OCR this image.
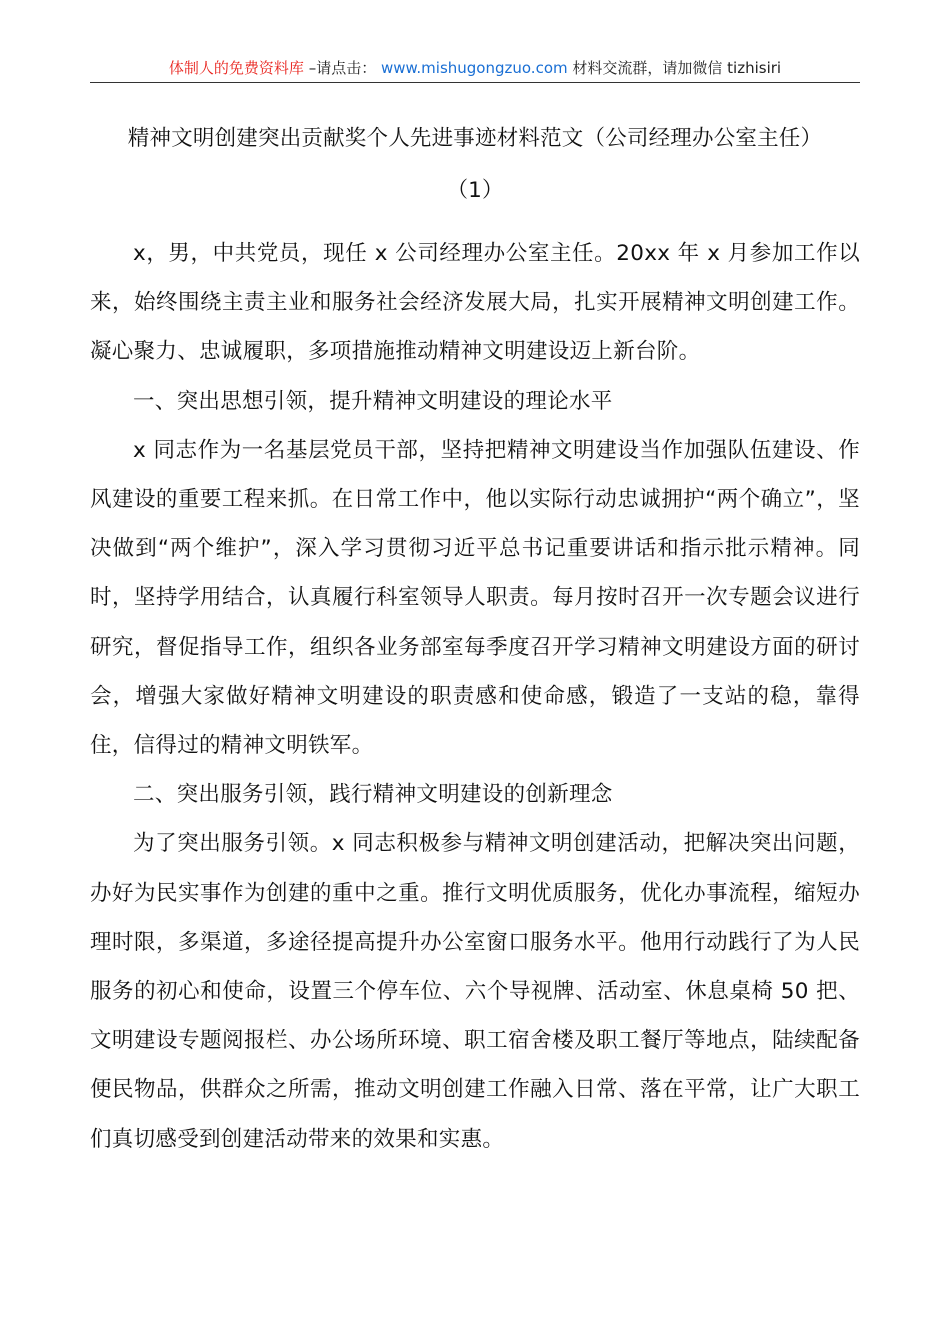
体制人的免费资料库 –请点击： www.mishugongzuo.com 材料交流群，请加微信 tizhisiri
精神文明创建突出贡献奖个人先进事迹材料范文（公司经理办公室主任）
（1）

x，男，中共党员，现任 x 公司经理办公室主任。20xx 年 x 月参加工作以来，始终围绕主责主业和服务社会经济发展大局，扎实开展精神文明创建工作。凝心聚力、忠诚履职，多项措施推动精神文明建设迈上新台阶。

一、突出思想引领，提升精神文明建设的理论水平

x 同志作为一名基层党员干部，坚持把精神文明建设当作加强队伍建设、作风建设的重要工程来抓。在日常工作中，他以实际行动忠诚拥护“两个确立”，坚决做到“两个维护”，深入学习贯彻习近平总书记重要讲话和指示批示精神。同时，坚持学用结合，认真履行科室领导人职责。每月按时召开一次专题会议进行研究，督促指导工作，组织各业务部室每季度召开学习精神文明建设方面的研讨会，增强大家做好精神文明建设的职责感和使命感，锻造了一支站的稳，靠得住，信得过的精神文明铁军。

二、突出服务引领，践行精神文明建设的创新理念

为了突出服务引领。x 同志积极参与精神文明创建活动，把解决突出问题，办好为民实事作为创建的重中之重。推行文明优质服务，优化办事流程，缩短办理时限，多渠道，多途径提高提升办公室窗口服务水平。他用行动践行了为人民服务的初心和使命，设置三个停车位、六个导视牌、活动室、休息桌椅 50 把、文明建设专题阅报栏、办公场所环境、职工宿舍楼及职工餐厅等地点，陆续配备便民物品，供群众之所需，推动文明创建工作融入日常、落在平常，让广大职工们真切感受到创建活动带来的效果和实惠。
